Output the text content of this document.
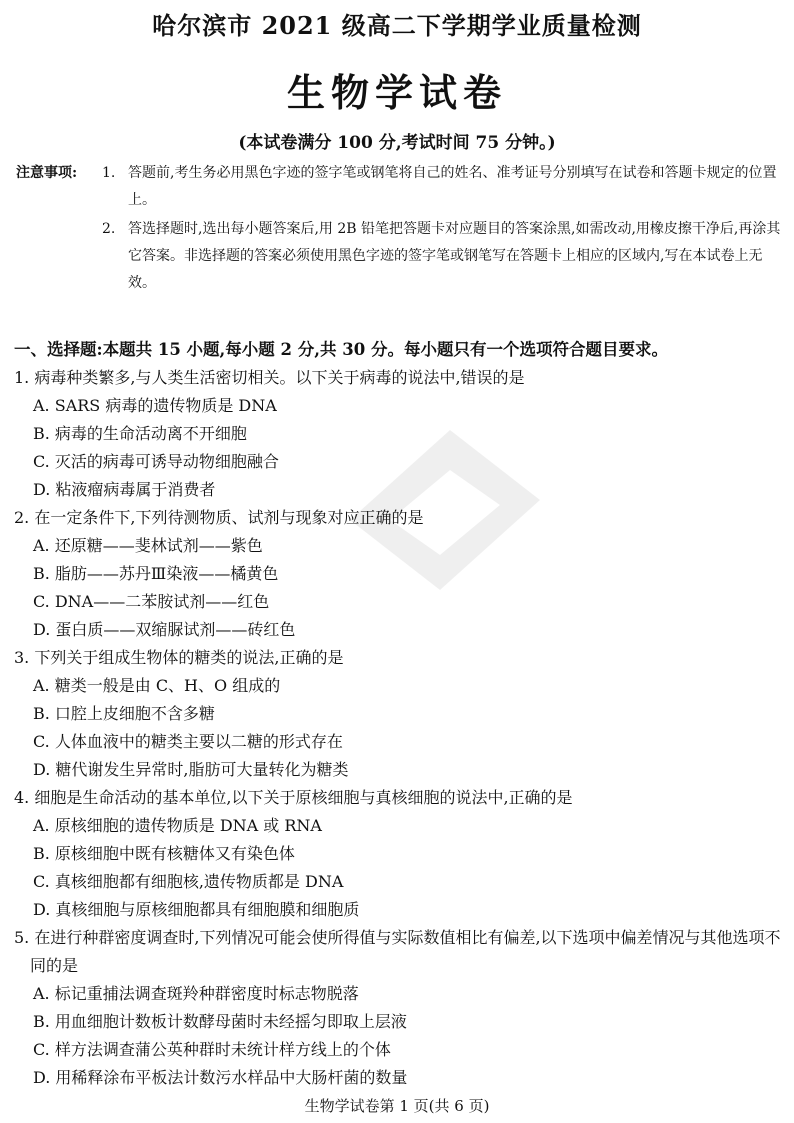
哈尔滨市 2021 级高二下学期学业质量检测
生物学试卷
(本试卷满分 100 分,考试时间 75 分钟。)
注意事项: 1. 答题前,考生务必用黑色字迹的签字笔或钢笔将自己的姓名、准考证号分别填写在试卷和答题卡规定的位置上。
2. 答选择题时,选出每小题答案后,用 2B 铅笔把答题卡对应题目的答案涂黑,如需改动,用橡皮擦干净后,再涂其它答案。非选择题的答案必须使用黑色字迹的签字笔或钢笔写在答题卡上相应的区域内,写在本试卷上无效。
一、选择题:本题共 15 小题,每小题 2 分,共 30 分。每小题只有一个选项符合题目要求。
1. 病毒种类繁多,与人类生活密切相关。以下关于病毒的说法中,错误的是
A. SARS 病毒的遗传物质是 DNA
B. 病毒的生命活动离不开细胞
C. 灭活的病毒可诱导动物细胞融合
D. 粘液瘤病毒属于消费者
2. 在一定条件下,下列待测物质、试剂与现象对应正确的是
A. 还原糖——斐林试剂——紫色
B. 脂肪——苏丹Ⅲ染液——橘黄色
C. DNA——二苯胺试剂——红色
D. 蛋白质——双缩脲试剂——砖红色
3. 下列关于组成生物体的糖类的说法,正确的是
A. 糖类一般是由 C、H、O 组成的
B. 口腔上皮细胞不含多糖
C. 人体血液中的糖类主要以二糖的形式存在
D. 糖代谢发生异常时,脂肪可大量转化为糖类
4. 细胞是生命活动的基本单位,以下关于原核细胞与真核细胞的说法中,正确的是
A. 原核细胞的遗传物质是 DNA 或 RNA
B. 原核细胞中既有核糖体又有染色体
C. 真核细胞都有细胞核,遗传物质都是 DNA
D. 真核细胞与原核细胞都具有细胞膜和细胞质
5. 在进行种群密度调查时,下列情况可能会使所得值与实际数值相比有偏差,以下选项中偏差情况与其他选项不同的是
A. 标记重捕法调查斑羚种群密度时标志物脱落
B. 用血细胞计数板计数酵母菌时未经摇匀即取上层液
C. 样方法调查蒲公英种群时未统计样方线上的个体
D. 用稀释涂布平板法计数污水样品中大肠杆菌的数量
生物学试卷第 1 页(共 6 页)
